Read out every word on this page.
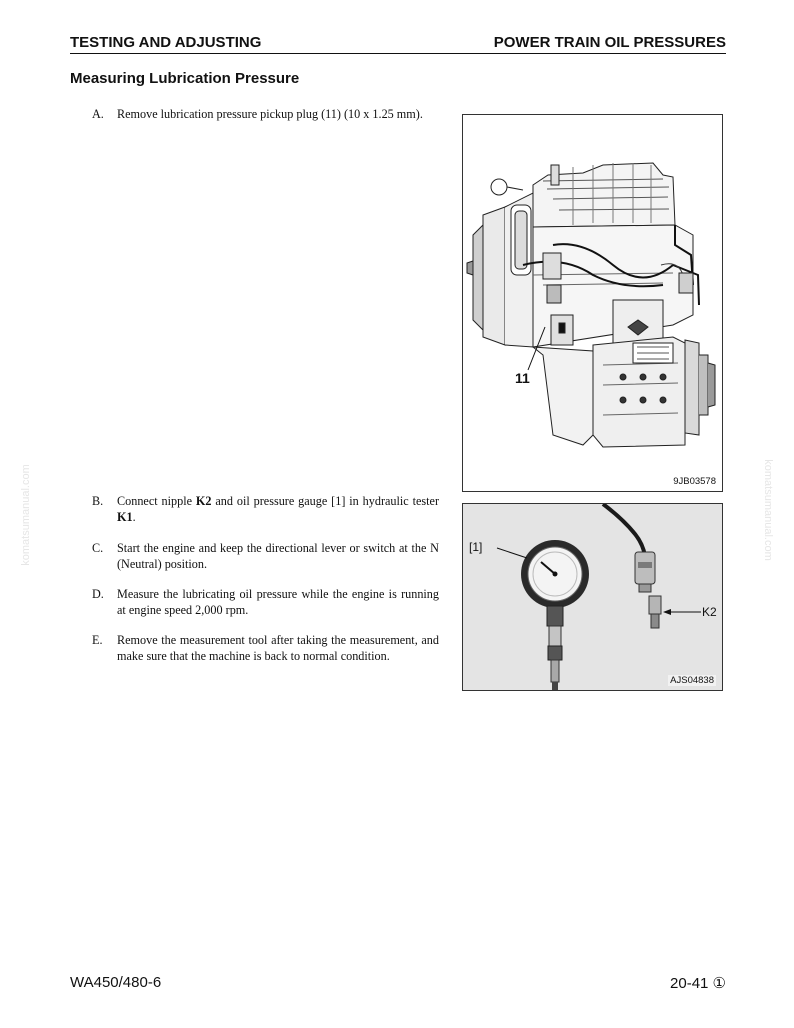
TESTING AND ADJUSTING	POWER TRAIN OIL PRESSURES
Measuring Lubrication Pressure
A. Remove lubrication pressure pickup plug (11) (10 x 1.25 mm).
B. Connect nipple K2 and oil pressure gauge [1] in hydraulic tester K1.
C. Start the engine and keep the directional lever or switch at the N (Neutral) position.
D. Measure the lubricating oil pressure while the engine is running at engine speed 2,000 rpm.
E. Remove the measurement tool after taking the measurement, and make sure that the machine is back to normal condition.
11
9JB03578
[1]
K2
AJS04838
komatsumanual.com	komatsumanual.com
WA450/480-6	20-41 ①
